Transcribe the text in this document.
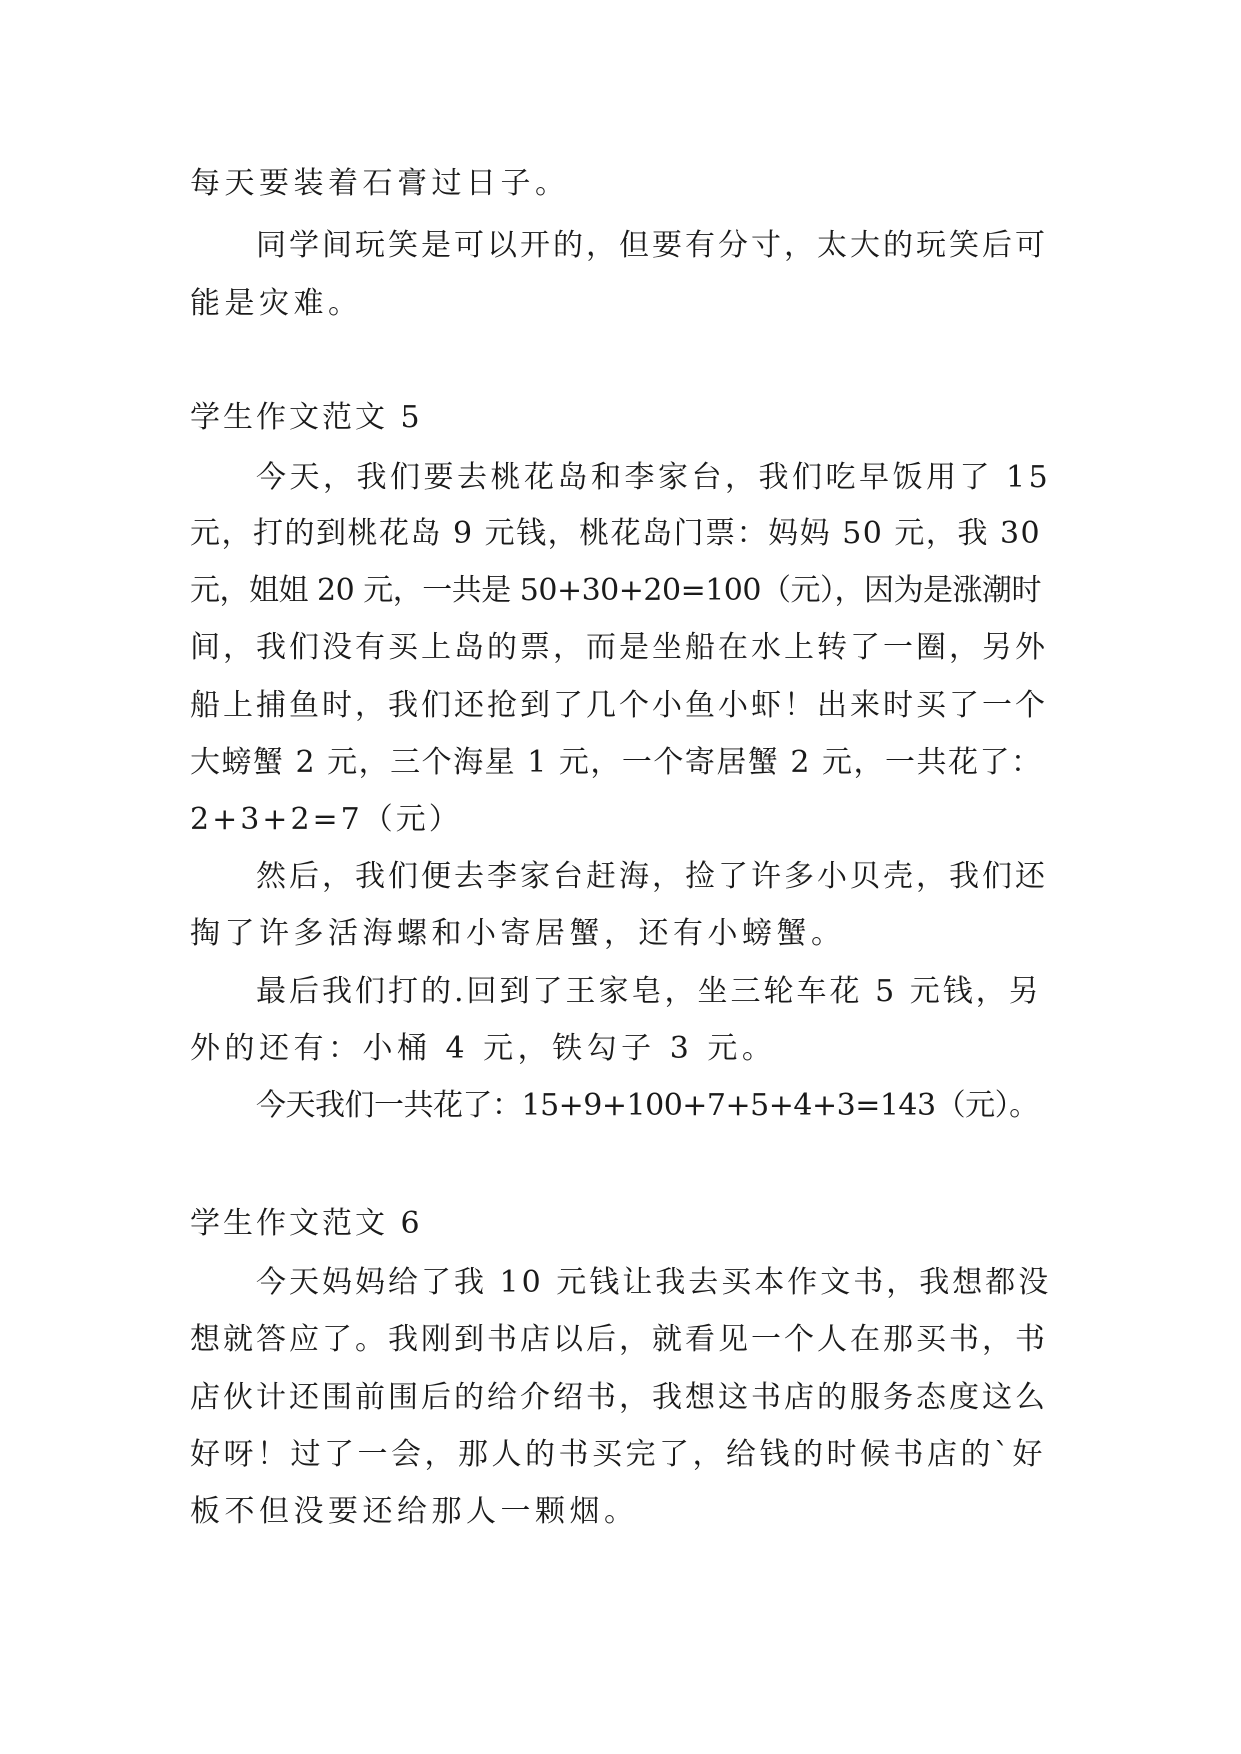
每天要装着石膏过日子。

同学间玩笑是可以开的，但要有分寸，太大的玩笑后可

能是灾难。

学生作文范文 5

今天，我们要去桃花岛和李家台，我们吃早饭用了 15

元，打的到桃花岛 9 元钱，桃花岛门票：妈妈 50 元，我 30

元，姐姐 20 元，一共是 50+30+20=100（元），因为是涨潮时

间，我们没有买上岛的票，而是坐船在水上转了一圈，另外

船上捕鱼时，我们还抢到了几个小鱼小虾！出来时买了一个

大螃蟹 2 元，三个海星 1 元，一个寄居蟹 2 元，一共花了：

2+3+2=7（元）

然后，我们便去李家台赶海，捡了许多小贝壳，我们还

掏了许多活海螺和小寄居蟹，还有小螃蟹。

最后我们打的.回到了王家皂，坐三轮车花 5 元钱，另

外的还有：小桶 4 元，铁勾子 3 元。

今天我们一共花了：15+9+100+7+5+4+3=143（元）。

学生作文范文 6

今天妈妈给了我 10 元钱让我去买本作文书，我想都没

想就答应了。我刚到书店以后，就看见一个人在那买书，书

店伙计还围前围后的给介绍书，我想这书店的服务态度这么

好呀！过了一会，那人的书买完了，给钱的时候书店的`好

板不但没要还给那人一颗烟。
